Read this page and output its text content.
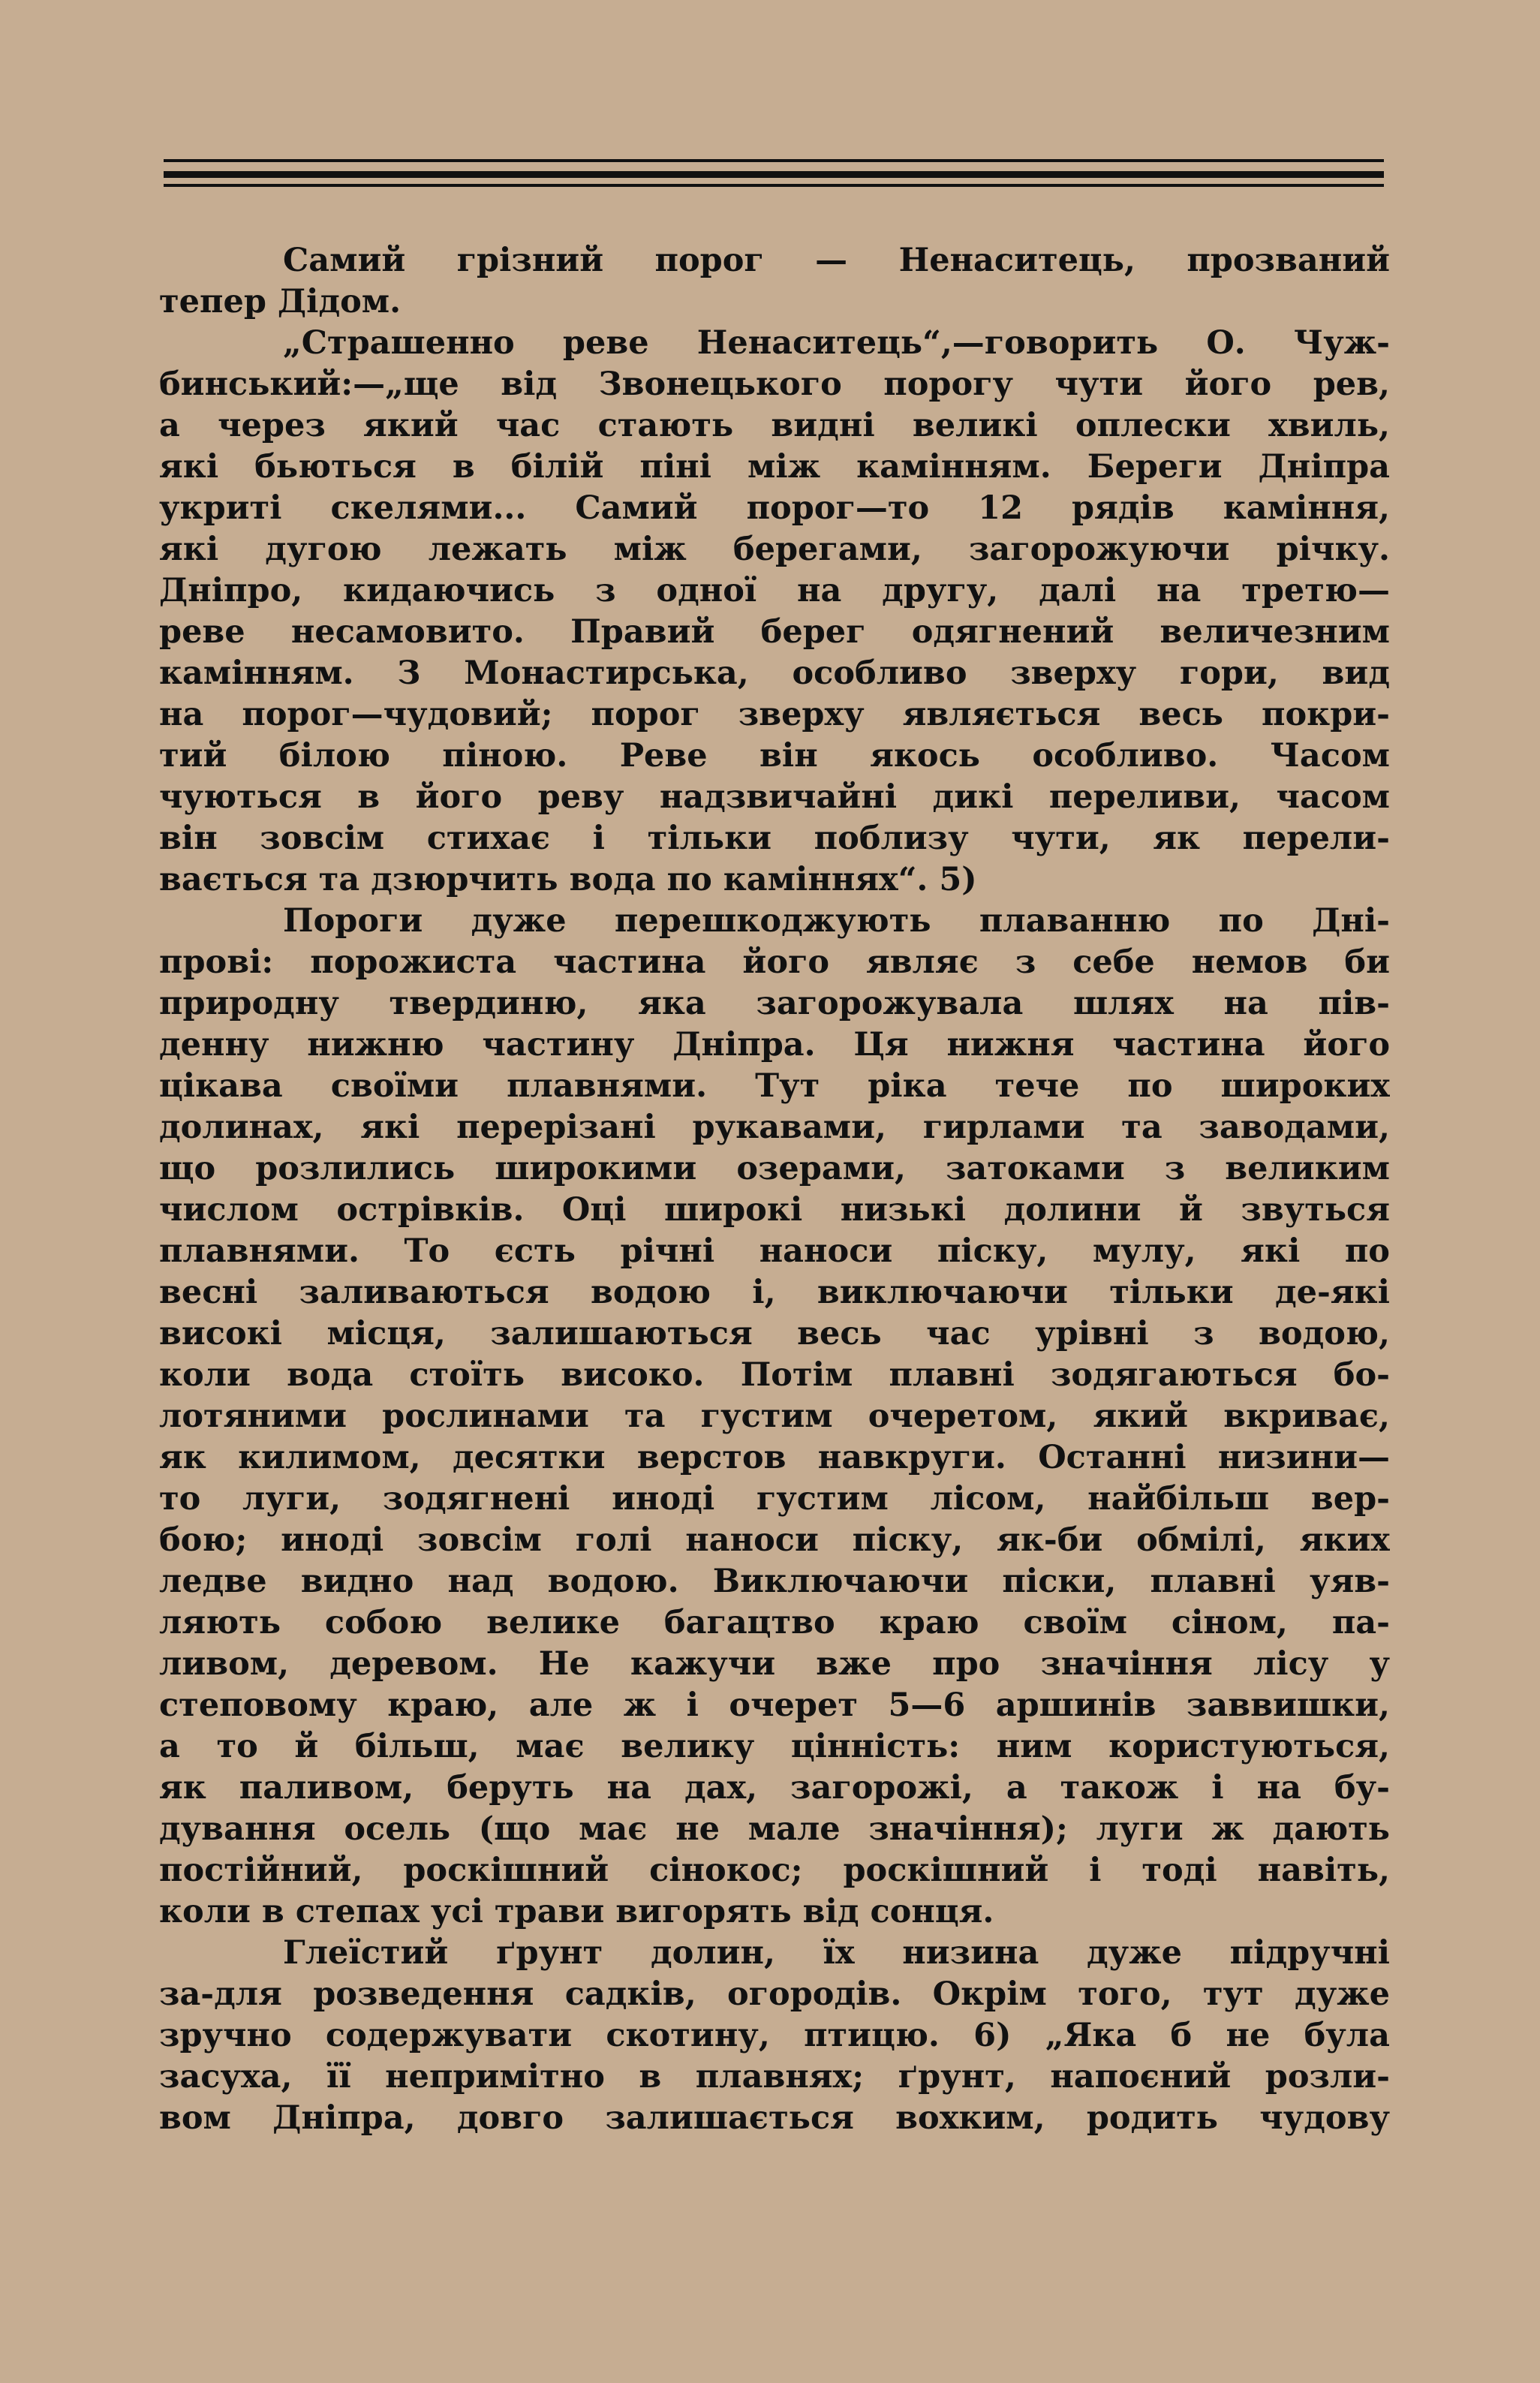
Самий грізний порог — Ненаситець, прозваний
тепер Дідом.
„Страшенно реве Ненаситець“,—говорить О. Чуж-
бинський:—„ще від Звонецького порогу чути його рев,
а через який час стають видні великі оплески хвиль,
які бьються в білій піні між камінням. Береги Дніпра
укриті скелями... Самий порог—то 12 рядів каміння,
які дугою лежать між берегами, загорожуючи річку.
Дніпро, кидаючись з одної на другу, далі на третю—
реве несамовито. Правий берег одягнений величезним
камінням. З Монастирська, особливо зверху гори, вид
на порог—чудовий; порог зверху являється весь покри-
тий білою піною. Реве він якось особливо. Часом
чуються в його реву надзвичайні дикі переливи, часом
він зовсім стихає і тільки поблизу чути, як перели-
вається та дзюрчить вода по каміннях“. 5)
Пороги дуже перешкоджують плаванню по Дні-
прові: порожиста частина його являє з себе немов би
природну твердиню, яка загорожувала шлях на пів-
денну нижню частину Дніпра. Ця нижня частина його
цікава своїми плавнями. Тут ріка тече по широких
долинах, які перерізані рукавами, гирлами та заводами,
що розлились широкими озерами, затоками з великим
числом острівків. Оці широкі низькі долини й звуться
плавнями. То єсть річні наноси піску, мулу, які по
весні заливаються водою і, виключаючи тільки де-які
високі місця, залишаються весь час урівні з водою,
коли вода стоїть високо. Потім плавні зодягаються бо-
лотяними рослинами та густим очеретом, який вкриває,
як килимом, десятки верстов навкруги. Останні низини—
то луги, зодягнені иноді густим лісом, найбільш вер-
бою; иноді зовсім голі наноси піску, як-би обмілі, яких
ледве видно над водою. Виключаючи піски, плавні уяв-
ляють собою велике багацтво краю своїм сіном, па-
ливом, деревом. Не кажучи вже про значіння лісу у
степовому краю, але ж і очерет 5—6 аршинів заввишки,
а то й більш, має велику цінність: ним користуються,
як паливом, беруть на дах, загорожі, а також і на бу-
дування осель (що має не мале значіння); луги ж дають
постійний, роскішний сінокос; роскішний і тоді навіть,
коли в степах усі трави вигорять від сонця.
Глеїстий ґрунт долин, їх низина дуже підручні
за-для розведення садків, огородів. Окрім того, тут дуже
зручно содержувати скотину, птицю. 6) „Яка б не була
засуха, її непримітно в плавнях; ґрунт, напоєний розли-
вом Дніпра, довго залишається вохким, родить чудову
